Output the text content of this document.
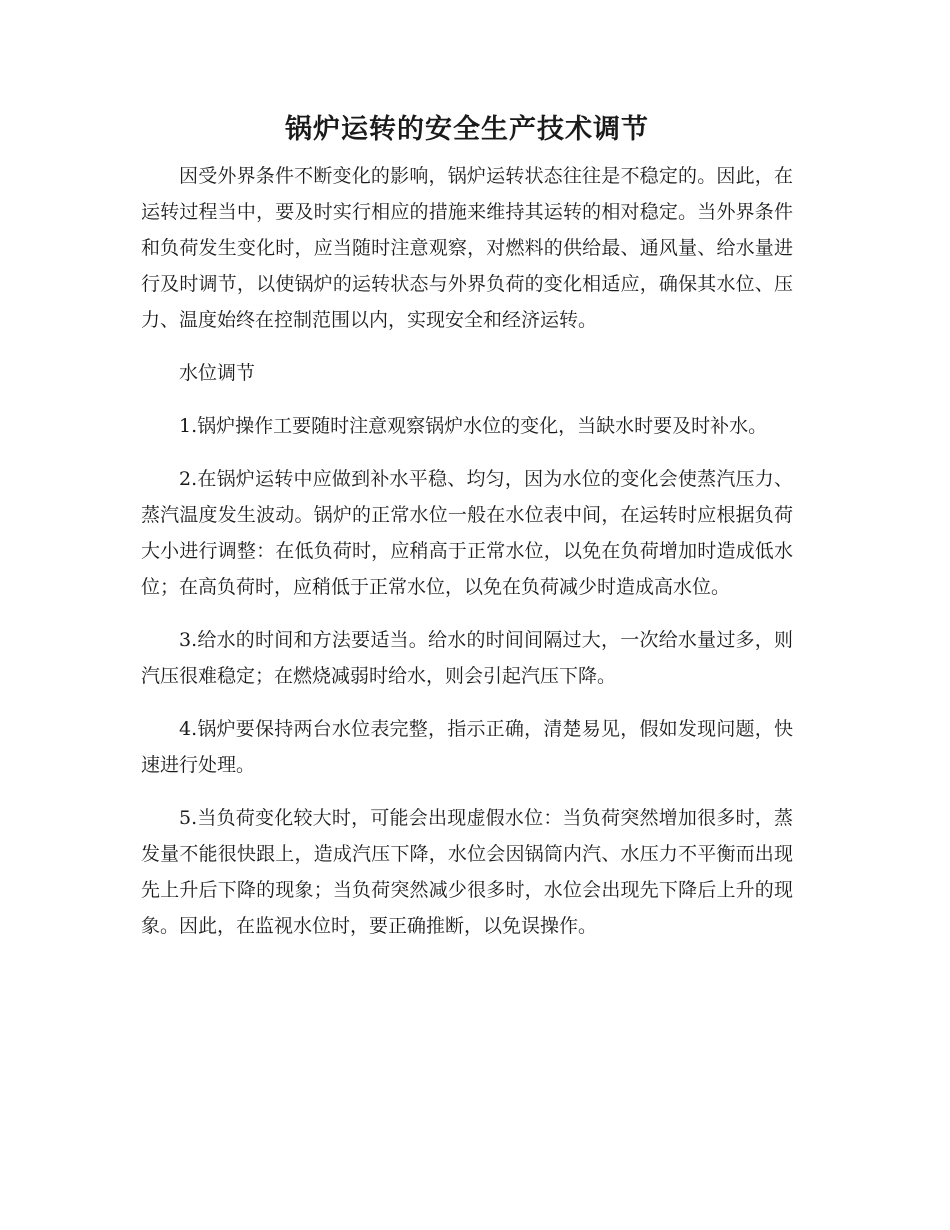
锅炉运转的安全生产技术调节

因受外界条件不断变化的影响，锅炉运转状态往往是不稳定的。因此，在运转过程当中，要及时实行相应的措施来维持其运转的相对稳定。当外界条件和负荷发生变化时，应当随时注意观察，对燃料的供给最、通风量、给水量进行及时调节，以使锅炉的运转状态与外界负荷的变化相适应，确保其水位、压力、温度始终在控制范围以内，实现安全和经济运转。

水位调节

1.锅炉操作工要随时注意观察锅炉水位的变化，当缺水时要及时补水。

2.在锅炉运转中应做到补水平稳、均匀，因为水位的变化会使蒸汽压力、蒸汽温度发生波动。锅炉的正常水位一般在水位表中间，在运转时应根据负荷大小进行调整：在低负荷时，应稍高于正常水位，以免在负荷增加时造成低水位；在高负荷时，应稍低于正常水位，以免在负荷减少时造成高水位。

3.给水的时间和方法要适当。给水的时间间隔过大，一次给水量过多，则汽压很难稳定；在燃烧减弱时给水，则会引起汽压下降。

4.锅炉要保持两台水位表完整，指示正确，清楚易见，假如发现问题，快速进行处理。

5.当负荷变化较大时，可能会出现虚假水位：当负荷突然增加很多时，蒸发量不能很快跟上，造成汽压下降，水位会因锅筒内汽、水压力不平衡而出现先上升后下降的现象；当负荷突然减少很多时，水位会出现先下降后上升的现象。因此，在监视水位时，要正确推断，以免误操作。
